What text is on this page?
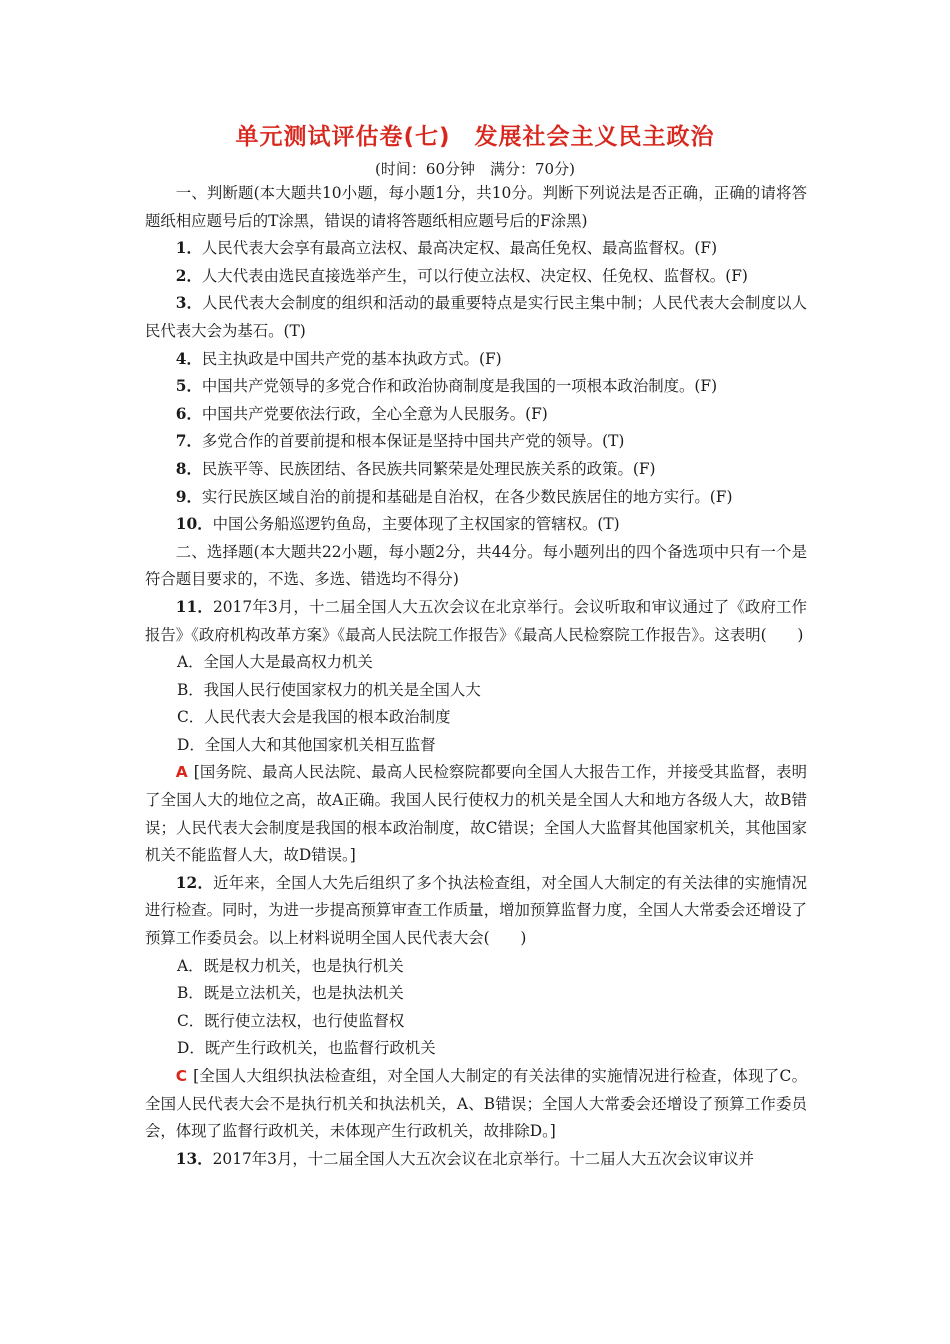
单元测试评估卷(七)　发展社会主义民主政治
(时间：60分钟　满分：70分)

一、判断题(本大题共10小题，每小题1分，共10分。判断下列说法是否正确，正确的请将答题纸相应题号后的T涂黑，错误的请将答题纸相应题号后的F涂黑)

1．人民代表大会享有最高立法权、最高决定权、最高任免权、最高监督权。(F)

2．人大代表由选民直接选举产生，可以行使立法权、决定权、任免权、监督权。(F)

3．人民代表大会制度的组织和活动的最重要特点是实行民主集中制；人民代表大会制度以人民代表大会为基石。(T)

4．民主执政是中国共产党的基本执政方式。(F)

5．中国共产党领导的多党合作和政治协商制度是我国的一项根本政治制度。(F)

6．中国共产党要依法行政，全心全意为人民服务。(F)

7．多党合作的首要前提和根本保证是坚持中国共产党的领导。(T)

8．民族平等、民族团结、各民族共同繁荣是处理民族关系的政策。(F)

9．实行民族区域自治的前提和基础是自治权，在各少数民族居住的地方实行。(F)

10．中国公务船巡逻钓鱼岛，主要体现了主权国家的管辖权。(T)

二、选择题(本大题共22小题，每小题2分，共44分。每小题列出的四个备选项中只有一个是符合题目要求的，不选、多选、错选均不得分)

11．2017年3月，十二届全国人大五次会议在北京举行。会议听取和审议通过了《政府工作报告》《政府机构改革方案》《最高人民法院工作报告》《最高人民检察院工作报告》。这表明(　　)

A．全国人大是最高权力机关

B．我国人民行使国家权力的机关是全国人大

C．人民代表大会是我国的根本政治制度

D．全国人大和其他国家机关相互监督

A [国务院、最高人民法院、最高人民检察院都要向全国人大报告工作，并接受其监督，表明了全国人大的地位之高，故A正确。我国人民行使权力的机关是全国人大和地方各级人大，故B错误；人民代表大会制度是我国的根本政治制度，故C错误；全国人大监督其他国家机关，其他国家机关不能监督人大，故D错误。]

12．近年来，全国人大先后组织了多个执法检查组，对全国人大制定的有关法律的实施情况进行检查。同时，为进一步提高预算审查工作质量，增加预算监督力度，全国人大常委会还增设了预算工作委员会。以上材料说明全国人民代表大会(　　)

A．既是权力机关，也是执行机关

B．既是立法机关，也是执法机关

C．既行使立法权，也行使监督权

D．既产生行政机关，也监督行政机关

C [全国人大组织执法检查组，对全国人大制定的有关法律的实施情况进行检查，体现了C。全国人民代表大会不是执行机关和执法机关，A、B错误；全国人大常委会还增设了预算工作委员会，体现了监督行政机关，未体现产生行政机关，故排除D。]

13．2017年3月，十二届全国人大五次会议在北京举行。十二届人大五次会议审议并
